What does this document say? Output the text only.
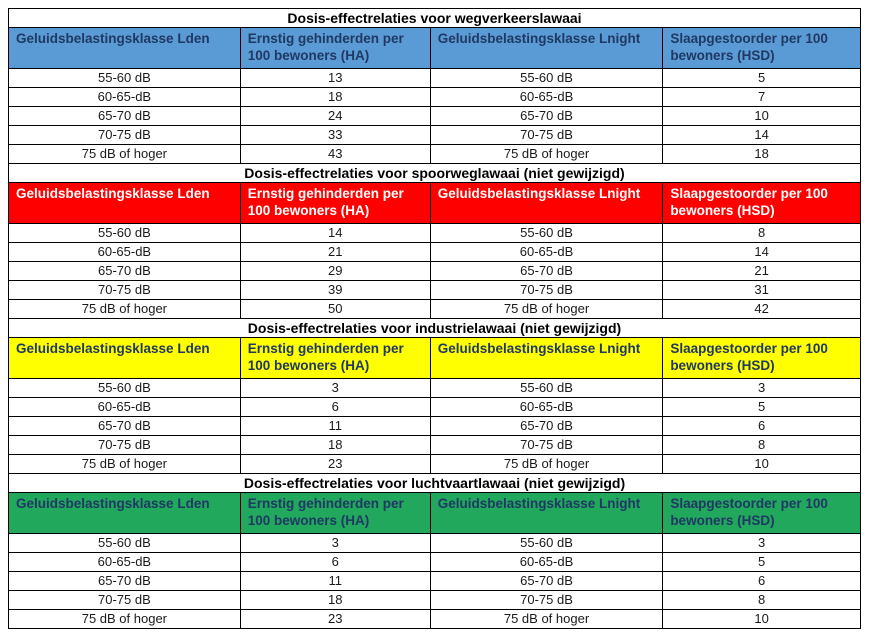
Dosis-effectrelaties voor wegverkeerslawaai			
Geluidsbelastingsklasse Lden	Ernstig gehinderden per 100 bewoners (HA)	Geluidsbelastingsklasse Lnight	Slaapgestoorder per 100 bewoners (HSD)
55-60 dB	13	55-60 dB	5
60-65-dB	18	60-65-dB	7
65-70 dB	24	65-70 dB	10
70-75 dB	33	70-75 dB	14
75 dB of hoger	43	75 dB of hoger	18
Dosis-effectrelaties voor spoorweglawaai (niet gewijzigd)			
Geluidsbelastingsklasse Lden	Ernstig gehinderden per 100 bewoners (HA)	Geluidsbelastingsklasse Lnight	Slaapgestoorder per 100 bewoners (HSD)
55-60 dB	14	55-60 dB	8
60-65-dB	21	60-65-dB	14
65-70 dB	29	65-70 dB	21
70-75 dB	39	70-75 dB	31
75 dB of hoger	50	75 dB of hoger	42
Dosis-effectrelaties voor industrielawaai (niet gewijzigd)			
Geluidsbelastingsklasse Lden	Ernstig gehinderden per 100 bewoners (HA)	Geluidsbelastingsklasse Lnight	Slaapgestoorder per 100 bewoners (HSD)
55-60 dB	3	55-60 dB	3
60-65-dB	6	60-65-dB	5
65-70 dB	11	65-70 dB	6
70-75 dB	18	70-75 dB	8
75 dB of hoger	23	75 dB of hoger	10
Dosis-effectrelaties voor luchtvaartlawaai (niet gewijzigd)			
Geluidsbelastingsklasse Lden	Ernstig gehinderden per 100 bewoners (HA)	Geluidsbelastingsklasse Lnight	Slaapgestoorder per 100 bewoners (HSD)
55-60 dB	3	55-60 dB	3
60-65-dB	6	60-65-dB	5
65-70 dB	11	65-70 dB	6
70-75 dB	18	70-75 dB	8
75 dB of hoger	23	75 dB of hoger	10
